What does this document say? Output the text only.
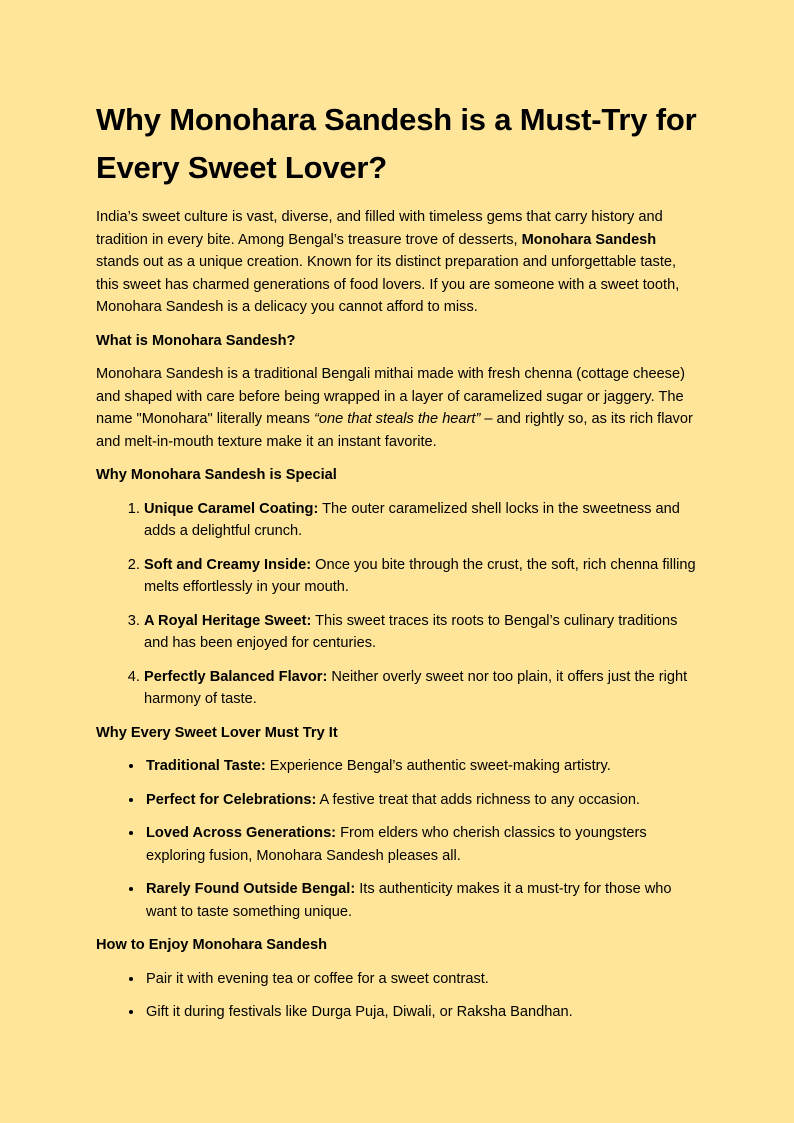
Why Monohara Sandesh is a Must-Try for Every Sweet Lover?

India’s sweet culture is vast, diverse, and filled with timeless gems that carry history and tradition in every bite. Among Bengal’s treasure trove of desserts, Monohara Sandesh stands out as a unique creation. Known for its distinct preparation and unforgettable taste, this sweet has charmed generations of food lovers. If you are someone with a sweet tooth, Monohara Sandesh is a delicacy you cannot afford to miss.

What is Monohara Sandesh?

Monohara Sandesh is a traditional Bengali mithai made with fresh chenna (cottage cheese) and shaped with care before being wrapped in a layer of caramelized sugar or jaggery. The name "Monohara" literally means “one that steals the heart” – and rightly so, as its rich flavor and melt-in-mouth texture make it an instant favorite.

Why Monohara Sandesh is Special
1. Unique Caramel Coating: The outer caramelized shell locks in the sweetness and adds a delightful crunch.
2. Soft and Creamy Inside: Once you bite through the crust, the soft, rich chenna filling melts effortlessly in your mouth.
3. A Royal Heritage Sweet: This sweet traces its roots to Bengal’s culinary traditions and has been enjoyed for centuries.
4. Perfectly Balanced Flavor: Neither overly sweet nor too plain, it offers just the right harmony of taste.
Why Every Sweet Lover Must Try It
• Traditional Taste: Experience Bengal’s authentic sweet-making artistry.
• Perfect for Celebrations: A festive treat that adds richness to any occasion.
• Loved Across Generations: From elders who cherish classics to youngsters exploring fusion, Monohara Sandesh pleases all.
• Rarely Found Outside Bengal: Its authenticity makes it a must-try for those who want to taste something unique.
How to Enjoy Monohara Sandesh
• Pair it with evening tea or coffee for a sweet contrast.
• Gift it during festivals like Durga Puja, Diwali, or Raksha Bandhan.
